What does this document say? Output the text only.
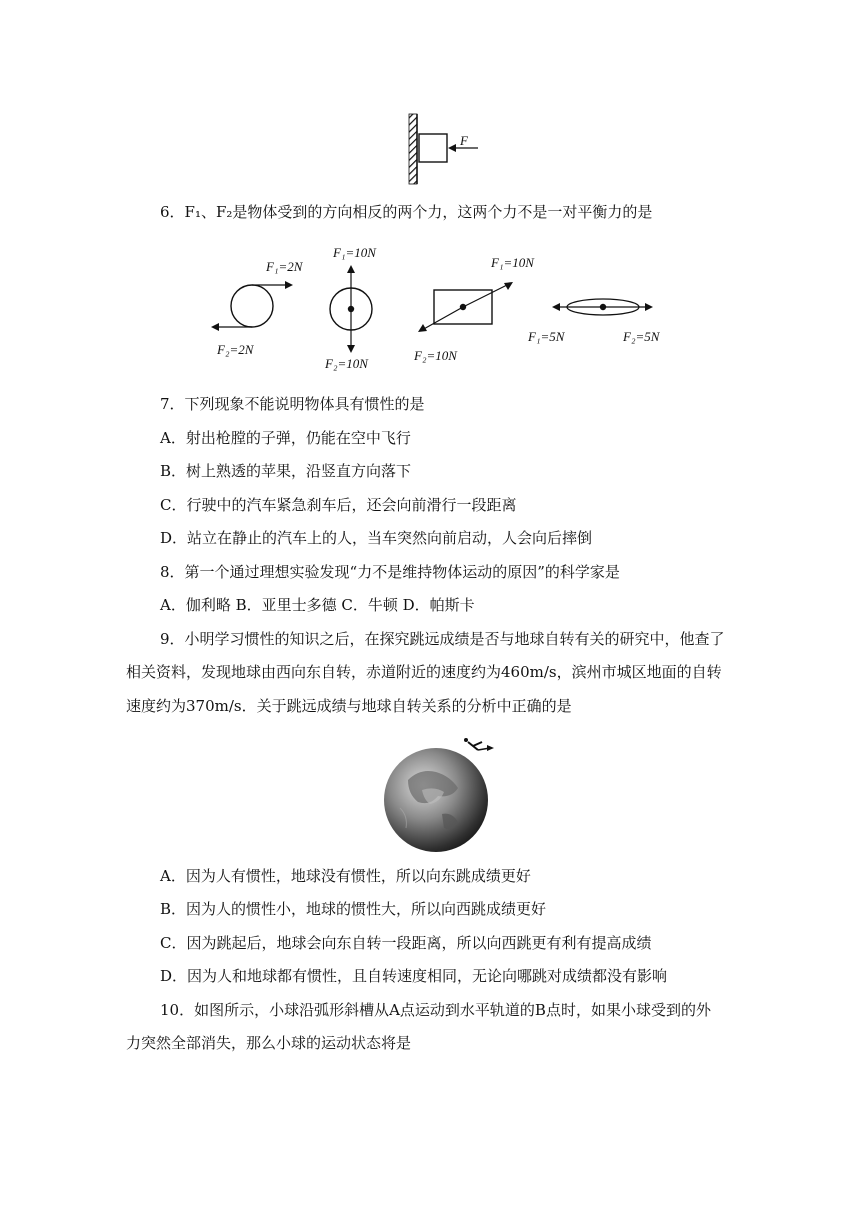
F
6．F₁、F₂是物体受到的方向相反的两个力，这两个力不是一对平衡力的是
F₁=2N
F₂=2N
F₁=10N
F₂=10N
F₁=10N
F₂=10N
F₁=5N	F₂=5N
7．下列现象不能说明物体具有惯性的是
A．射出枪膛的子弹，仍能在空中飞行
B．树上熟透的苹果，沿竖直方向落下
C．行驶中的汽车紧急刹车后，还会向前滑行一段距离
D．站立在静止的汽车上的人，当车突然向前启动，人会向后摔倒
8．第一个通过理想实验发现“力不是维持物体运动的原因”的科学家是
A．伽利略 B．亚里士多德 C．牛顿 D．帕斯卡
9．小明学习惯性的知识之后，在探究跳远成绩是否与地球自转有关的研究中，他查了
相关资料，发现地球由西向东自转，赤道附近的速度约为460m/s，滨州市城区地面的自转
速度约为370m/s．关于跳远成绩与地球自转关系的分析中正确的是
A．因为人有惯性，地球没有惯性，所以向东跳成绩更好
B．因为人的惯性小，地球的惯性大，所以向西跳成绩更好
C．因为跳起后，地球会向东自转一段距离，所以向西跳更有利有提高成绩
D．因为人和地球都有惯性，且自转速度相同，无论向哪跳对成绩都没有影响
10．如图所示，小球沿弧形斜槽从A点运动到水平轨道的B点时，如果小球受到的外
力突然全部消失，那么小球的运动状态将是
